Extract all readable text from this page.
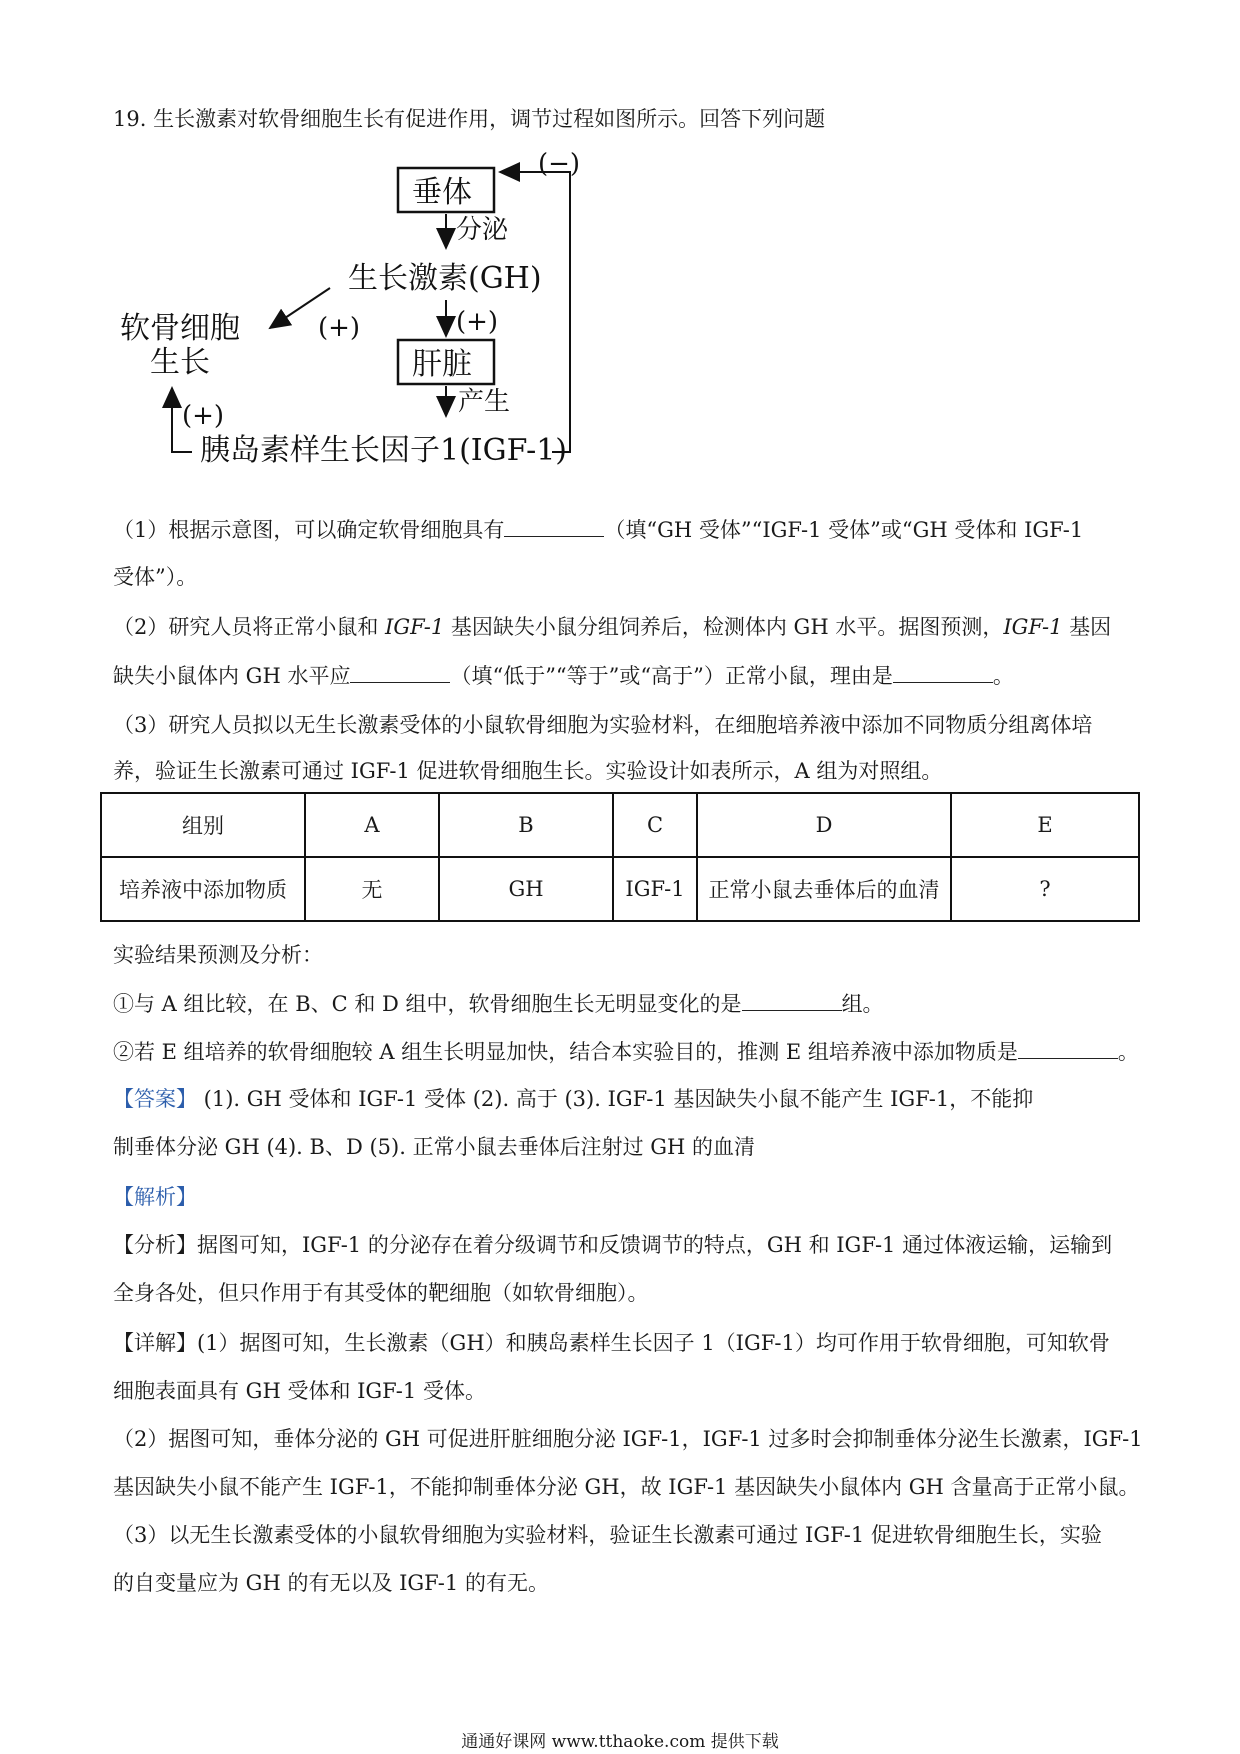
19. 生长激素对软骨细胞生长有促进作用，调节过程如图所示。回答下列问题
垂体
(−)
分泌
生长激素(GH)
(+)	(+)
肝脏
软骨细胞
生长
产生
胰岛素样生长因子1(IGF-1)
(+)
（1）根据示意图，可以确定软骨细胞具有	（填“GH 受体”“IGF-1 受体”或“GH 受体和 IGF-1
受体”）。
（2）研究人员将正常小鼠和 IGF-1 基因缺失小鼠分组饲养后，检测体内 GH 水平。据图预测，IGF-1 基因
缺失小鼠体内 GH 水平应	（填“低于”“等于”或“高于”）正常小鼠，理由是	。
（3）研究人员拟以无生长激素受体的小鼠软骨细胞为实验材料，在细胞培养液中添加不同物质分组离体培
养，验证生长激素可通过 IGF-1 促进软骨细胞生长。实验设计如表所示，A 组为对照组。
组别	A	B	C	D	E
培养液中添加物质	无	GH	IGF-1	正常小鼠去垂体后的血清	?
实验结果预测及分析：
①与 A 组比较，在 B、C 和 D 组中，软骨细胞生长无明显变化的是	组。
②若 E 组培养的软骨细胞较 A 组生长明显加快，结合本实验目的，推测 E 组培养液中添加物质是	。
【答案】 (1). GH 受体和 IGF-1 受体 (2). 高于 (3). IGF-1 基因缺失小鼠不能产生 IGF-1，不能抑
制垂体分泌 GH (4). B、D (5). 正常小鼠去垂体后注射过 GH 的血清
【解析】
【分析】据图可知，IGF-1 的分泌存在着分级调节和反馈调节的特点，GH 和 IGF-1 通过体液运输，运输到
全身各处，但只作用于有其受体的靶细胞（如软骨细胞）。
【详解】(1）据图可知，生长激素（GH）和胰岛素样生长因子 1（IGF-1）均可作用于软骨细胞，可知软骨
细胞表面具有 GH 受体和 IGF-1 受体。
（2）据图可知，垂体分泌的 GH 可促进肝脏细胞分泌 IGF-1，IGF-1 过多时会抑制垂体分泌生长激素，IGF-1
基因缺失小鼠不能产生 IGF-1，不能抑制垂体分泌 GH，故 IGF-1 基因缺失小鼠体内 GH 含量高于正常小鼠。
（3）以无生长激素受体的小鼠软骨细胞为实验材料，验证生长激素可通过 IGF-1 促进软骨细胞生长，实验
的自变量应为 GH 的有无以及 IGF-1 的有无。
通通好课网 www.tthaoke.com 提供下载
